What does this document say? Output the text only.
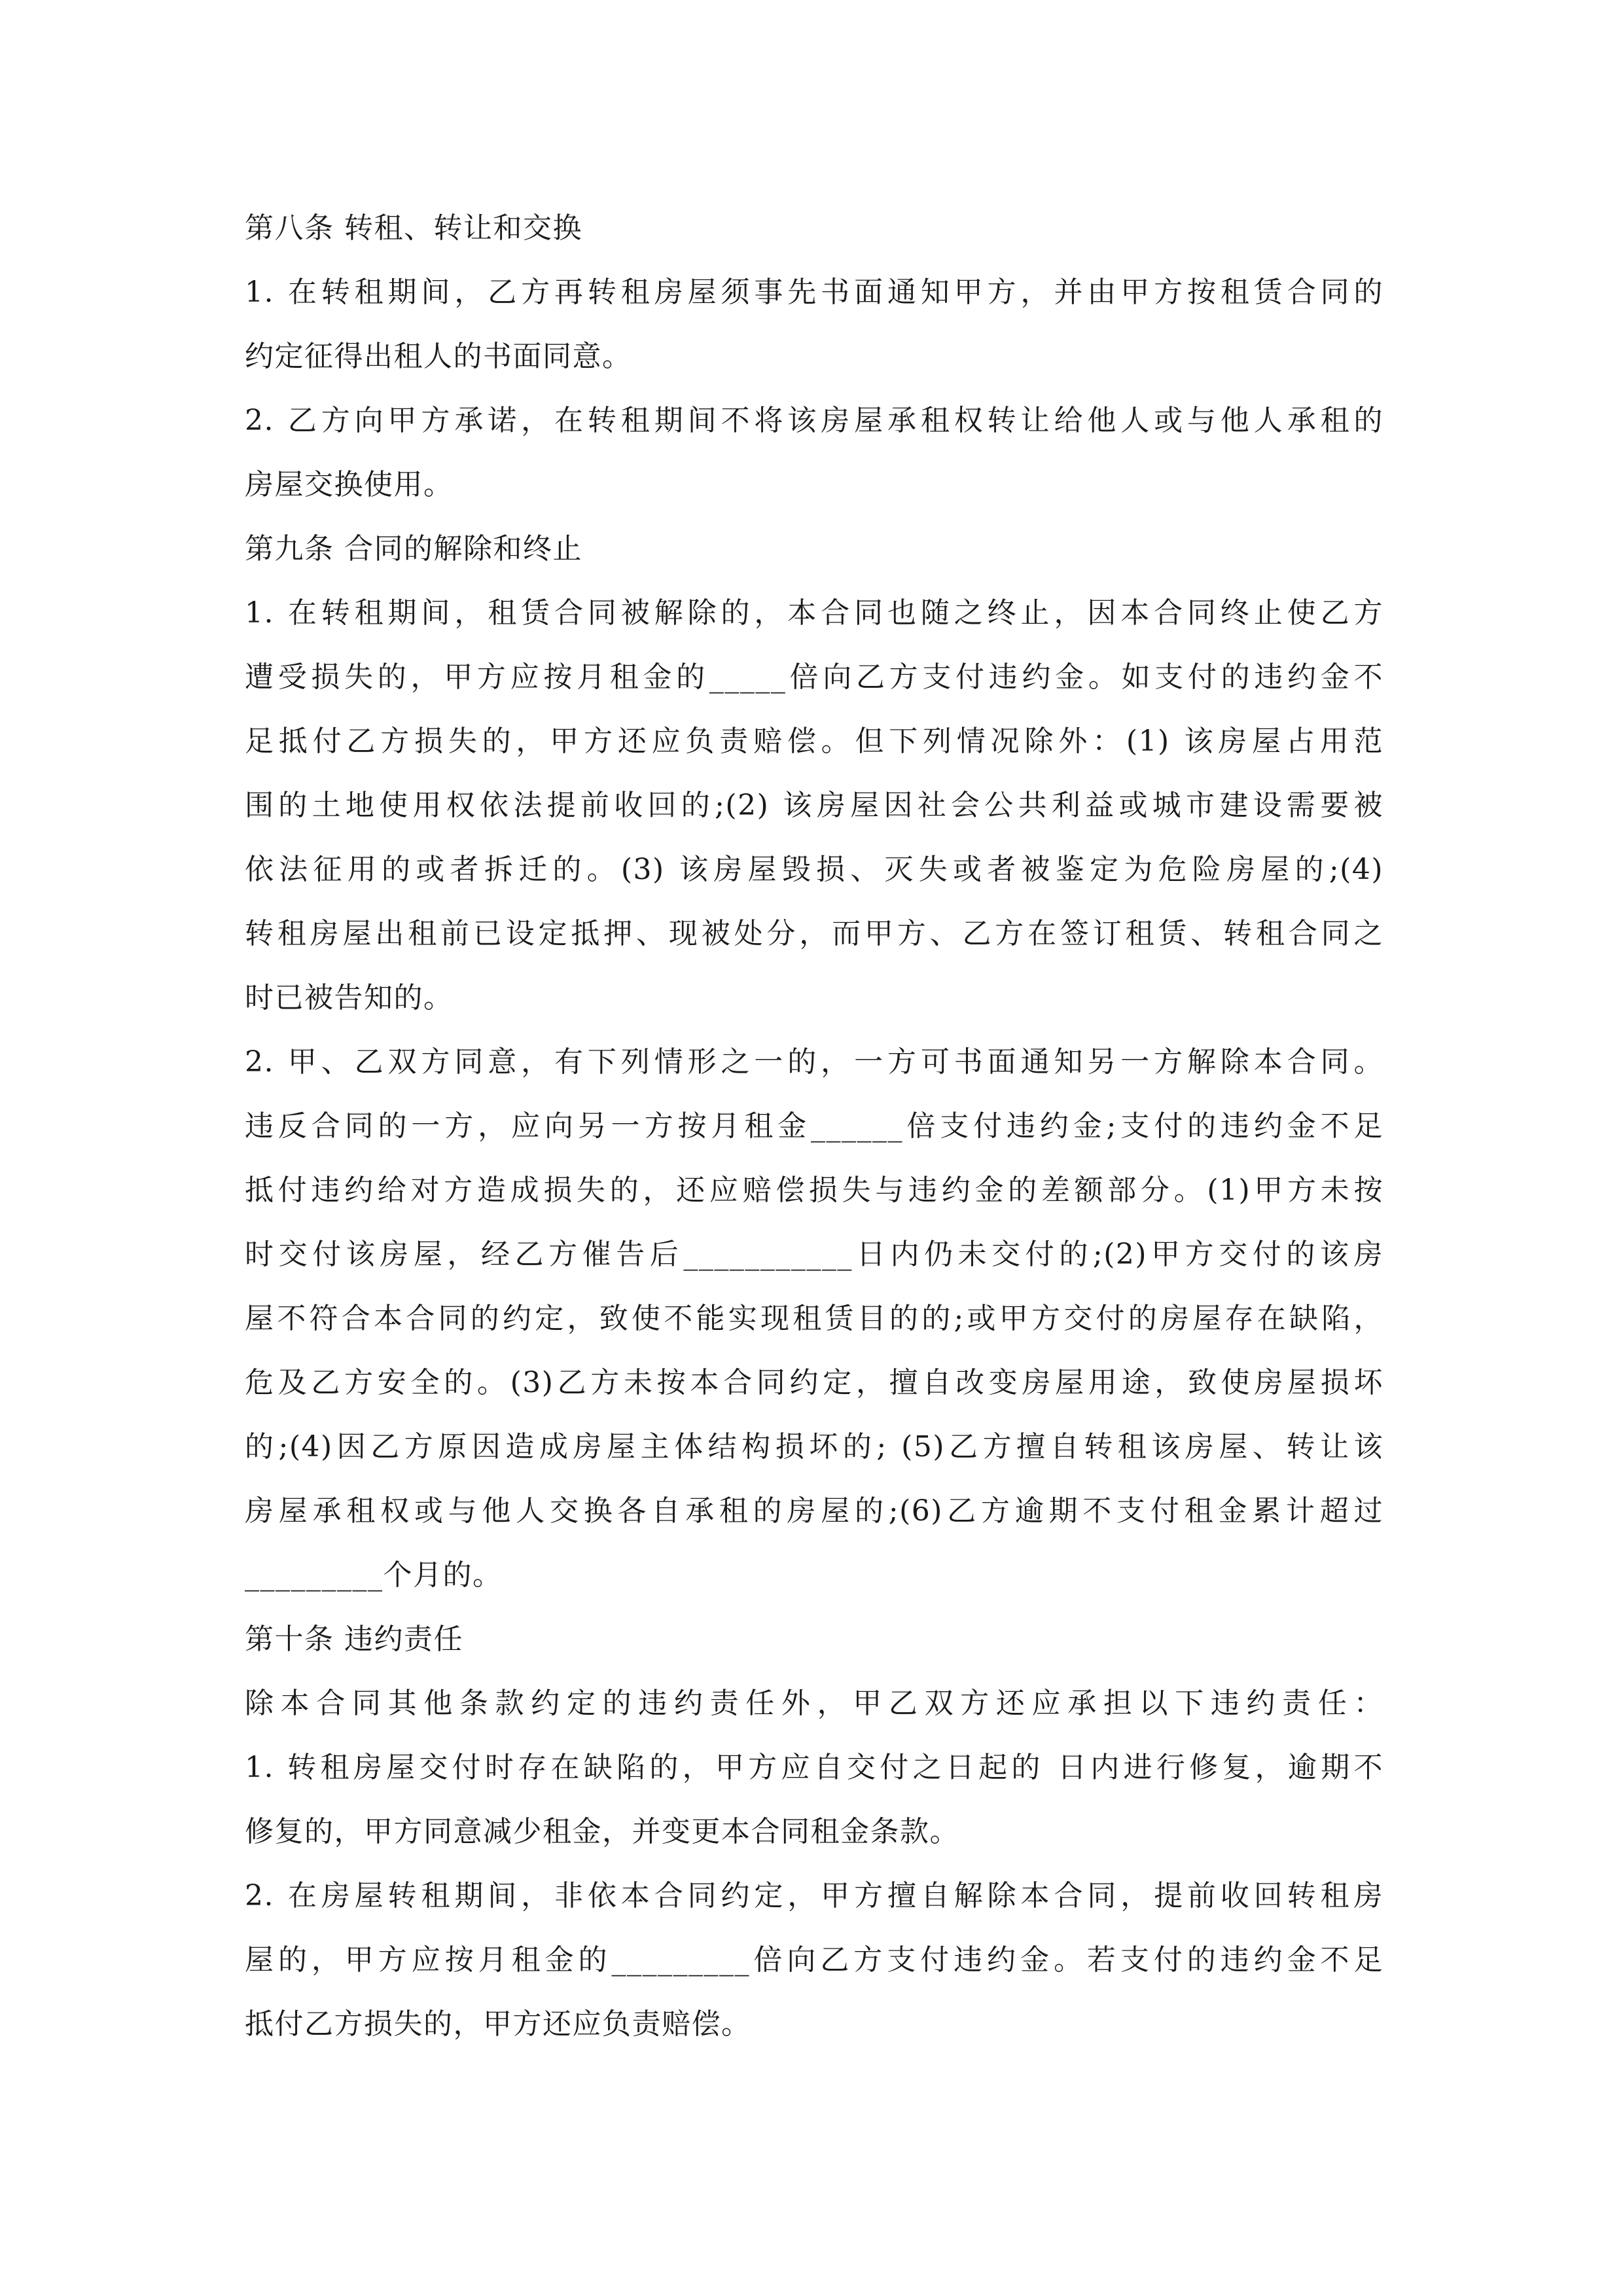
第八条 转租、转让和交换
1. 在转租期间，乙方再转租房屋须事先书面通知甲方，并由甲方按租赁合同的
约定征得出租人的书面同意。
2. 乙方向甲方承诺，在转租期间不将该房屋承租权转让给他人或与他人承租的
房屋交换使用。
第九条 合同的解除和终止
1. 在转租期间，租赁合同被解除的，本合同也随之终止，因本合同终止使乙方
遭受损失的，甲方应按月租金的_____倍向乙方支付违约金。如支付的违约金不
足抵付乙方损失的，甲方还应负责赔偿。但下列情况除外：(1) 该房屋占用范
围的土地使用权依法提前收回的;(2) 该房屋因社会公共利益或城市建设需要被
依法征用的或者拆迁的。(3) 该房屋毁损、灭失或者被鉴定为危险房屋的;(4)
转租房屋出租前已设定抵押、现被处分，而甲方、乙方在签订租赁、转租合同之
时已被告知的。
2. 甲、乙双方同意，有下列情形之一的，一方可书面通知另一方解除本合同。
违反合同的一方，应向另一方按月租金______倍支付违约金;支付的违约金不足
抵付违约给对方造成损失的，还应赔偿损失与违约金的差额部分。(1)甲方未按
时交付该房屋，经乙方催告后___________日内仍未交付的;(2)甲方交付的该房
屋不符合本合同的约定，致使不能实现租赁目的的;或甲方交付的房屋存在缺陷，
危及乙方安全的。(3)乙方未按本合同约定，擅自改变房屋用途，致使房屋损坏
的;(4)因乙方原因造成房屋主体结构损坏的; (5)乙方擅自转租该房屋、转让该
房屋承租权或与他人交换各自承租的房屋的;(6)乙方逾期不支付租金累计超过
_________个月的。
第十条 违约责任
除本合同其他条款约定的违约责任外，甲乙双方还应承担以下违约责任：
1. 转租房屋交付时存在缺陷的，甲方应自交付之日起的 日内进行修复，逾期不
修复的，甲方同意减少租金，并变更本合同租金条款。
2. 在房屋转租期间，非依本合同约定，甲方擅自解除本合同，提前收回转租房
屋的，甲方应按月租金的_________倍向乙方支付违约金。若支付的违约金不足
抵付乙方损失的，甲方还应负责赔偿。
